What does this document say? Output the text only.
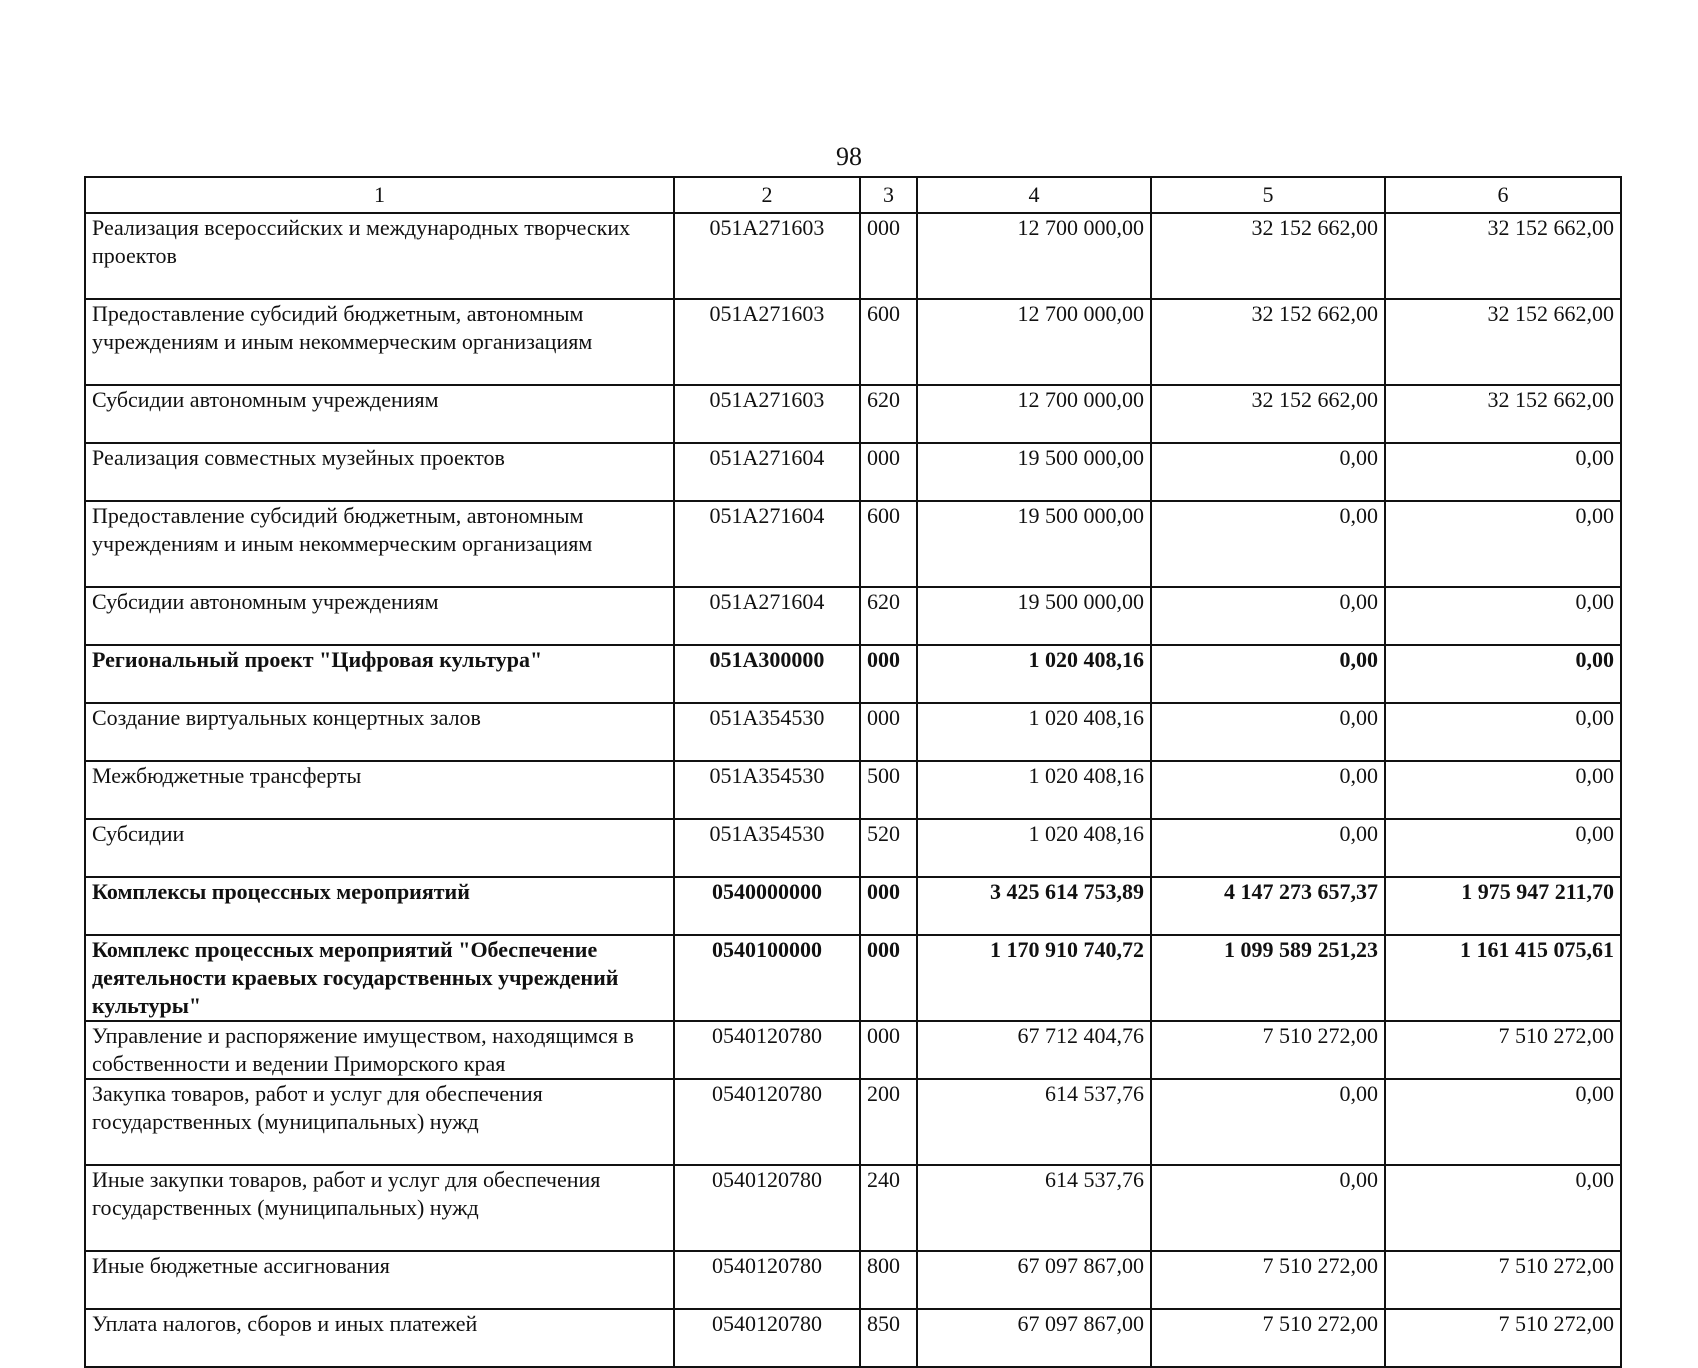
98
1	2	3	4	5	6
Реализация всероссийских и международных творческих проектов	051A271603	000	12 700 000,00	32 152 662,00	32 152 662,00
Предоставление субсидий бюджетным, автономным учреждениям и иным некоммерческим организациям	051A271603	600	12 700 000,00	32 152 662,00	32 152 662,00
Субсидии автономным учреждениям	051A271603	620	12 700 000,00	32 152 662,00	32 152 662,00
Реализация совместных музейных проектов	051A271604	000	19 500 000,00	0,00	0,00
Предоставление субсидий бюджетным, автономным учреждениям и иным некоммерческим организациям	051A271604	600	19 500 000,00	0,00	0,00
Субсидии автономным учреждениям	051A271604	620	19 500 000,00	0,00	0,00
Региональный проект "Цифровая культура"	051A300000	000	1 020 408,16	0,00	0,00
Создание виртуальных концертных залов	051A354530	000	1 020 408,16	0,00	0,00
Межбюджетные трансферты	051A354530	500	1 020 408,16	0,00	0,00
Субсидии	051A354530	520	1 020 408,16	0,00	0,00
Комплексы процессных мероприятий	0540000000	000	3 425 614 753,89	4 147 273 657,37	1 975 947 211,70
Комплекс процессных мероприятий "Обеспечение деятельности краевых государственных учреждений культуры"	0540100000	000	1 170 910 740,72	1 099 589 251,23	1 161 415 075,61
Управление и распоряжение имуществом, находящимся в собственности и ведении Приморского края	0540120780	000	67 712 404,76	7 510 272,00	7 510 272,00
Закупка товаров, работ и услуг для обеспечения государственных (муниципальных) нужд	0540120780	200	614 537,76	0,00	0,00
Иные закупки товаров, работ и услуг для обеспечения государственных (муниципальных) нужд	0540120780	240	614 537,76	0,00	0,00
Иные бюджетные ассигнования	0540120780	800	67 097 867,00	7 510 272,00	7 510 272,00
Уплата налогов, сборов и иных платежей	0540120780	850	67 097 867,00	7 510 272,00	7 510 272,00
